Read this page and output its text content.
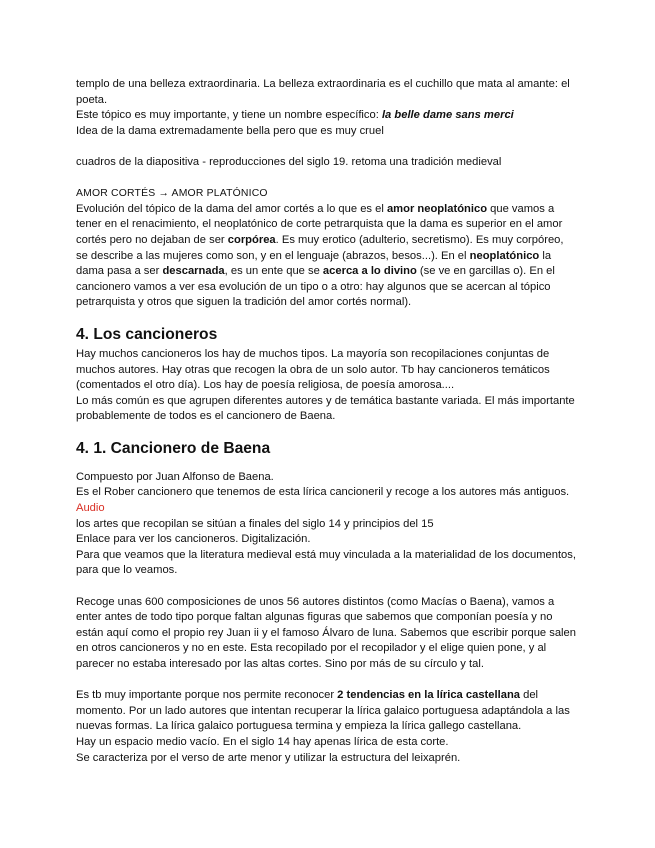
templo de una belleza extraordinaria. La belleza extraordinaria es el cuchillo que mata al amante: el poeta.

Este tópico es muy importante, y tiene un nombre específico: la belle dame sans merci

Idea de la dama extremadamente bella pero que es muy cruel

cuadros de la diapositiva - reproducciones del siglo 19. retoma una tradición medieval

AMOR CORTÉS → AMOR PLATÓNICO

Evolución del tópico de la dama del amor cortés a lo que es el amor neoplatónico que vamos a tener en el renacimiento, el neoplatónico de corte petrarquista que la dama es superior en el amor cortés pero no dejaban de ser corpórea. Es muy erotico (adulterio, secretismo). Es muy corpóreo, se describe a las mujeres como son, y en el lenguaje (abrazos, besos...). En el neoplatónico la dama pasa a ser descarnada, es un ente que se acerca a lo divino (se ve en garcillas o). En el cancionero vamos a ver esa evolución de un tipo o a otro: hay algunos que se acercan al tópico petrarquista y otros que siguen la tradición del amor cortés normal).

4. Los cancioneros

Hay muchos cancioneros los hay de muchos tipos. La mayoría son recopilaciones conjuntas de muchos autores. Hay otras que recogen la obra de un solo autor. Tb hay cancioneros temáticos (comentados el otro día). Los hay de poesía religiosa, de poesía amorosa....

Lo más común es que agrupen diferentes autores y de temática bastante variada. El más importante probablemente de todos es el cancionero de Baena.

4. 1. Cancionero de Baena

Compuesto por Juan Alfonso de Baena.

Es el Rober cancionero que tenemos de esta lírica cancioneril y recoge a los autores más antiguos. Audio

los artes que recopilan se sitúan a finales del siglo 14 y principios del 15

Enlace para ver los cancioneros. Digitalización.

Para que veamos que la literatura medieval está muy vinculada a la materialidad de los documentos, para que lo veamos.

Recoge unas 600 composiciones de unos 56 autores distintos (como Macías o Baena), vamos a enter antes de todo tipo porque faltan algunas figuras que sabemos que componían poesía y no están aquí como el propio rey Juan ii y el famoso Álvaro de luna. Sabemos que escribir porque salen en otros cancioneros y no en este. Esta recopilado por el recopilador y el elige quien pone, y al parecer no estaba interesado por las altas cortes. Sino por más de su círculo y tal.

Es tb muy importante porque nos permite reconocer 2 tendencias en la lírica castellana del momento. Por un lado autores que intentan recuperar la lírica galaico portuguesa adaptándola a las nuevas formas. La lírica galaico portuguesa termina y empieza la lírica gallego castellana.

Hay un espacio medio vacío. En el siglo 14 hay apenas lírica de esta corte.

Se caracteriza por el verso de arte menor y utilizar la estructura del leixaprén.
